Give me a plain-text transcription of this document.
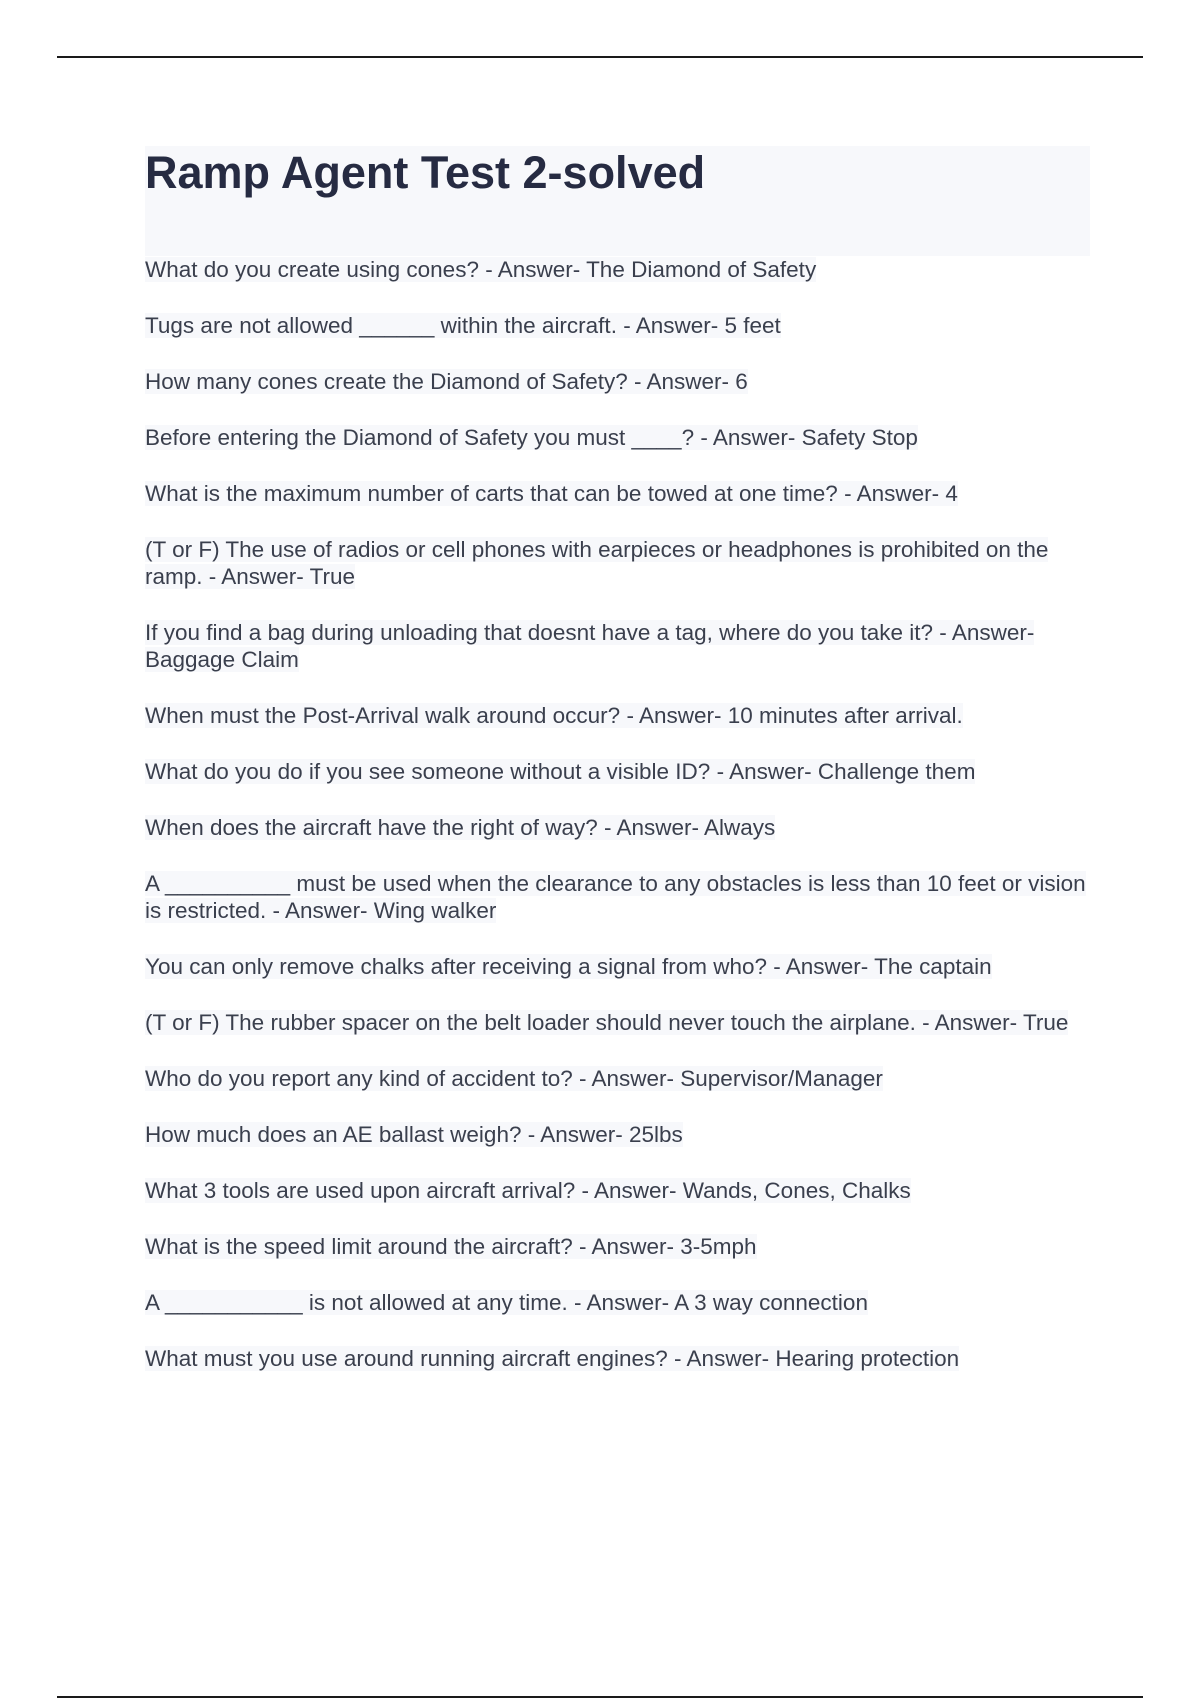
Ramp Agent Test 2-solved
What do you create using cones? - Answer- The Diamond of Safety
Tugs are not allowed ______ within the aircraft. - Answer- 5 feet
How many cones create the Diamond of Safety? - Answer- 6
Before entering the Diamond of Safety you must ____? - Answer- Safety Stop
What is the maximum number of carts that can be towed at one time? - Answer- 4
(T or F) The use of radios or cell phones with earpieces or headphones is prohibited on the ramp. - Answer- True
If you find a bag during unloading that doesnt have a tag, where do you take it? - Answer- Baggage Claim
When must the Post-Arrival walk around occur? - Answer- 10 minutes after arrival.
What do you do if you see someone without a visible ID? - Answer- Challenge them
When does the aircraft have the right of way? - Answer- Always
A __________ must be used when the clearance to any obstacles is less than 10 feet or vision is restricted. - Answer- Wing walker
You can only remove chalks after receiving a signal from who? - Answer- The captain
(T or F) The rubber spacer on the belt loader should never touch the airplane. - Answer- True
Who do you report any kind of accident to? - Answer- Supervisor/Manager
How much does an AE ballast weigh? - Answer- 25lbs
What 3 tools are used upon aircraft arrival? - Answer- Wands, Cones, Chalks
What is the speed limit around the aircraft? - Answer- 3-5mph
A ___________ is not allowed at any time. - Answer- A 3 way connection
What must you use around running aircraft engines? - Answer- Hearing protection
